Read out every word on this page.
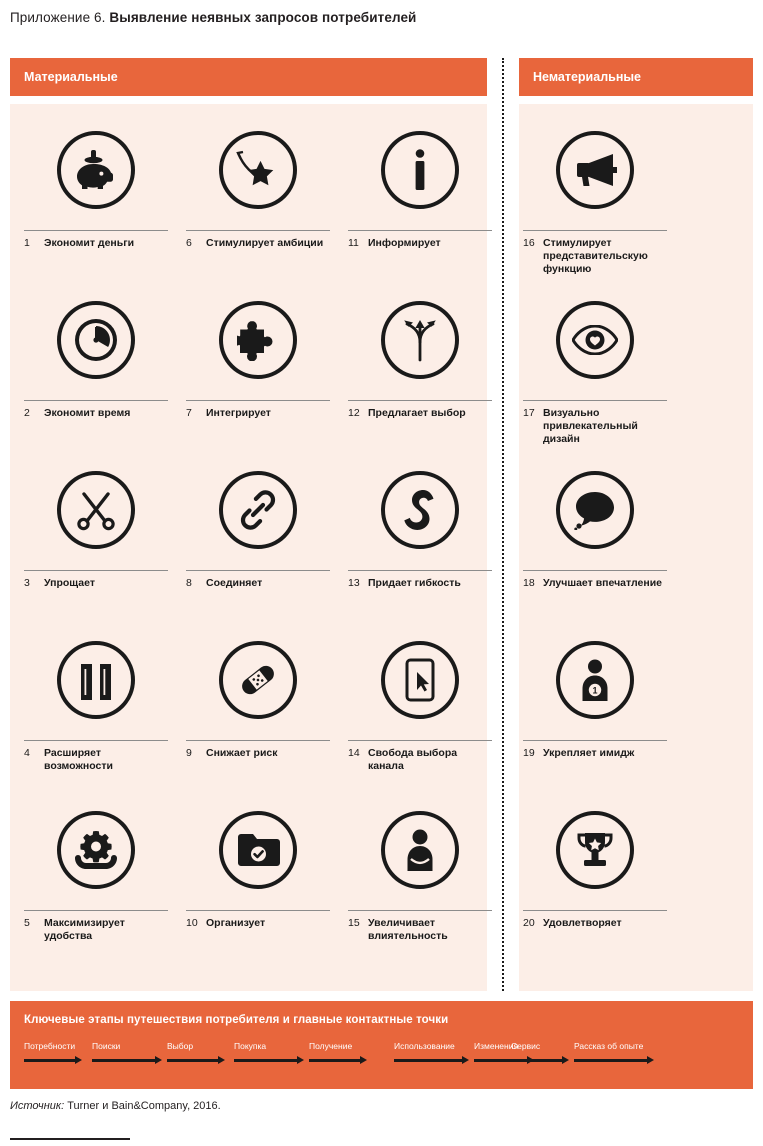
Приложение 6. Выявление неявных запросов потребителей
Материальные	Нематериальные
1	Экономит деньги
2	Экономит время
3	Упрощает
4	Расширяет возможности
5	Максимизирует удобства
6	Стимулирует амбиции
7	Интегрирует
8	Соединяет
9	Снижает риск
10 Организует
11 Информирует
12 Предлагает выбор
13 Придает гибкость
14 Свобода выбора канала
15 Увеличивает влиятельность
16 Стимулирует представительскую функцию
17 Визуально привлекательный дизайн
18 Улучшает впечатление
1
19 Укрепляет имидж
20 Удовлетворяет
Ключевые этапы путешествия потребителя и главные контактные точки
Потребности Поиски	Выбор	Покупка	Получение	Использование Изменения
Сервис	Рассказ об опыте
Источник: Turner и Bain&Company, 2016.
